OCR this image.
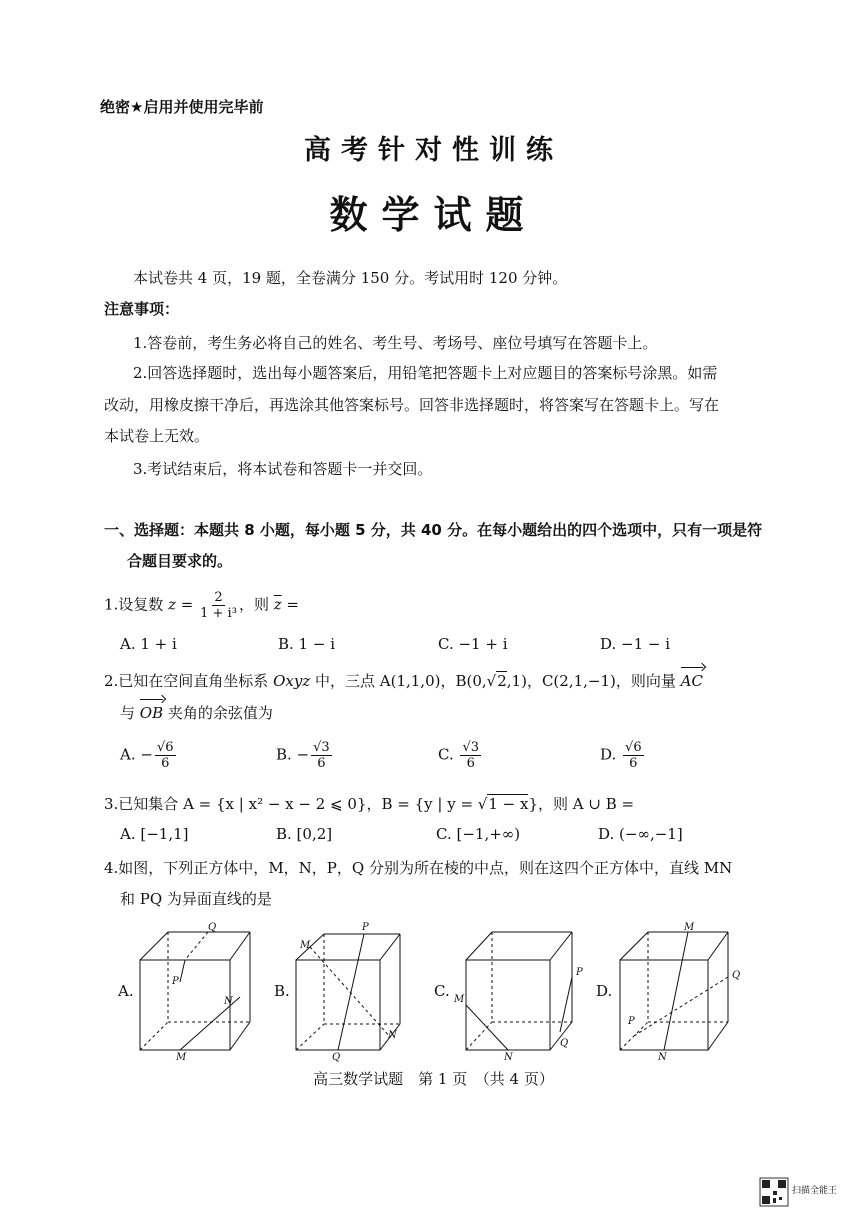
绝密★启用并使用完毕前
高考针对性训练
数学试题
本试卷共 4 页，19 题，全卷满分 150 分。考试用时 120 分钟。
注意事项：
1.答卷前，考生务必将自己的姓名、考生号、考场号、座位号填写在答题卡上。
2.回答选择题时，选出每小题答案后，用铅笔把答题卡上对应题目的答案标号涂黑。如需
改动，用橡皮擦干净后，再选涂其他答案标号。回答非选择题时，将答案写在答题卡上。写在
本试卷上无效。
3.考试结束后，将本试卷和答题卡一并交回。
一、选择题：本题共 8 小题，每小题 5 分，共 40 分。在每小题给出的四个选项中，只有一项是符
合题目要求的。
1.设复数 $z = \frac{2}{\text{1 + i³}}$ ，则 $\overline{z}$ =
A. 1 + i	B. 1 − i	C. −1 + i	D. −1 − i
2.已知在空间直角坐标系 Oxyz 中，三点 A(1,1,0)，B(0,√2,1)，C(2,1,−1)，则向量 AC
与 OB 夹角的余弦值为
A. − $\frac{√6}{6}$	B. − $\frac{√3}{6}$	C. $\frac{√3}{6}$	D. $\frac{√6}{6}$
3.已知集合 A = {x | x² − x − 2 ⩽ 0}，B = {y | y = √1 − x}，则 A ∪ B =
A. [−1,1]	B. [0,2]	C. [−1,+∞)	D. (−∞,−1]
4.如图，下列正方体中，M，N，P，Q 分别为所在棱的中点，则在这四个正方体中，直线 MN
和 PQ 为异面直线的是
A.
Q
P
N
M
B.
M
P
N
Q
C. M
P
Q
N
D.
M
Q
P
N
高三数学试题　第 1 页　（共 4 页）
扫描全能王
